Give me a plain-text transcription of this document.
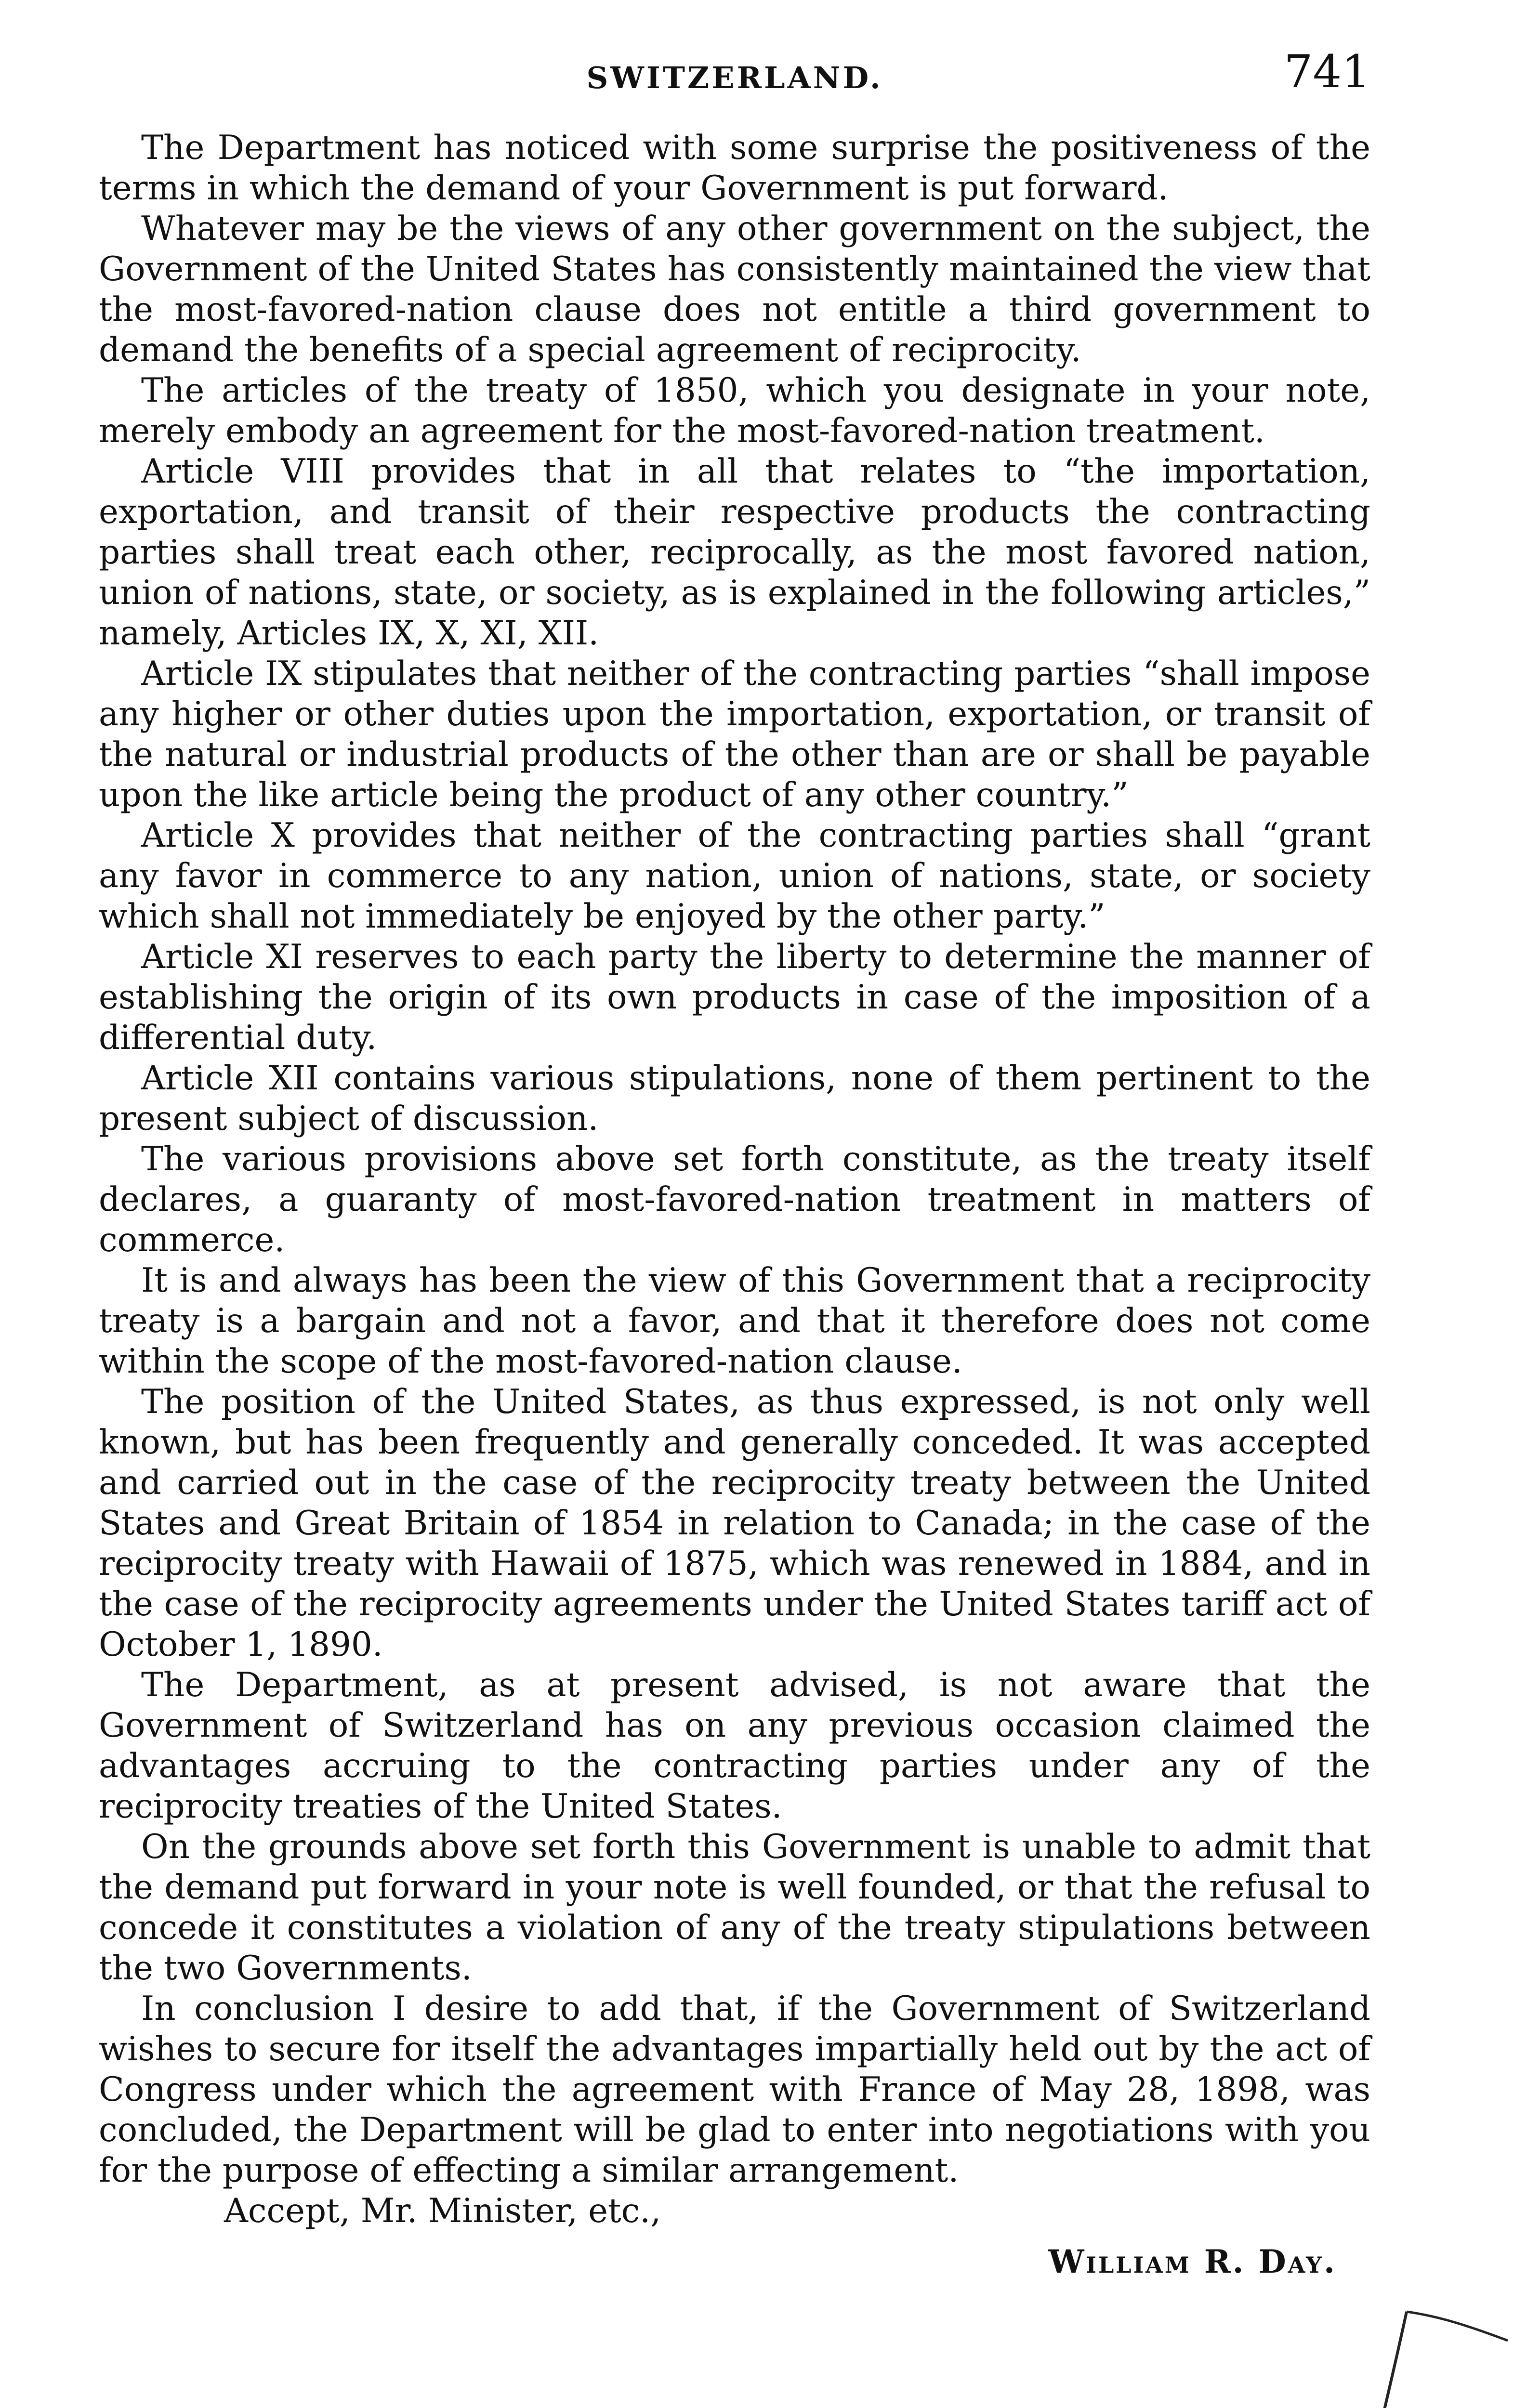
SWITZERLAND.	741

The Department has noticed with some surprise the positiveness of the terms in which the demand of your Government is put forward.

Whatever may be the views of any other government on the subject, the Government of the United States has consistently maintained the view that the most-favored-nation clause does not entitle a third government to demand the benefits of a special agreement of reciprocity.

The articles of the treaty of 1850, which you designate in your note, merely embody an agreement for the most-favored-nation treatment.

Article VIII provides that in all that relates to “the importation, exportation, and transit of their respective products the contracting parties shall treat each other, reciprocally, as the most favored nation, union of nations, state, or society, as is explained in the following articles,” namely, Articles IX, X, XI, XII.

Article IX stipulates that neither of the contracting parties “shall impose any higher or other duties upon the importation, exportation, or transit of the natural or industrial products of the other than are or shall be payable upon the like article being the product of any other country.”

Article X provides that neither of the contracting parties shall “grant any favor in commerce to any nation, union of nations, state, or society which shall not immediately be enjoyed by the other party.”

Article XI reserves to each party the liberty to determine the manner of establishing the origin of its own products in case of the imposition of a differential duty.

Article XII contains various stipulations, none of them pertinent to the present subject of discussion.

The various provisions above set forth constitute, as the treaty itself declares, a guaranty of most-favored-nation treatment in matters of commerce.

It is and always has been the view of this Government that a reciprocity treaty is a bargain and not a favor, and that it therefore does not come within the scope of the most-favored-nation clause.

The position of the United States, as thus expressed, is not only well known, but has been frequently and generally conceded. It was accepted and carried out in the case of the reciprocity treaty between the United States and Great Britain of 1854 in relation to Canada; in the case of the reciprocity treaty with Hawaii of 1875, which was renewed in 1884, and in the case of the reciprocity agreements under the United States tariff act of October 1, 1890.

The Department, as at present advised, is not aware that the Government of Switzerland has on any previous occasion claimed the advantages accruing to the contracting parties under any of the reciprocity treaties of the United States.

On the grounds above set forth this Government is unable to admit that the demand put forward in your note is well founded, or that the refusal to concede it constitutes a violation of any of the treaty stipulations between the two Governments.

In conclusion I desire to add that, if the Government of Switzerland wishes to secure for itself the advantages impartially held out by the act of Congress under which the agreement with France of May 28, 1898, was concluded, the Department will be glad to enter into negotiations with you for the purpose of effecting a similar arrangement.

Accept, Mr. Minister, etc.,

William R. Day.
